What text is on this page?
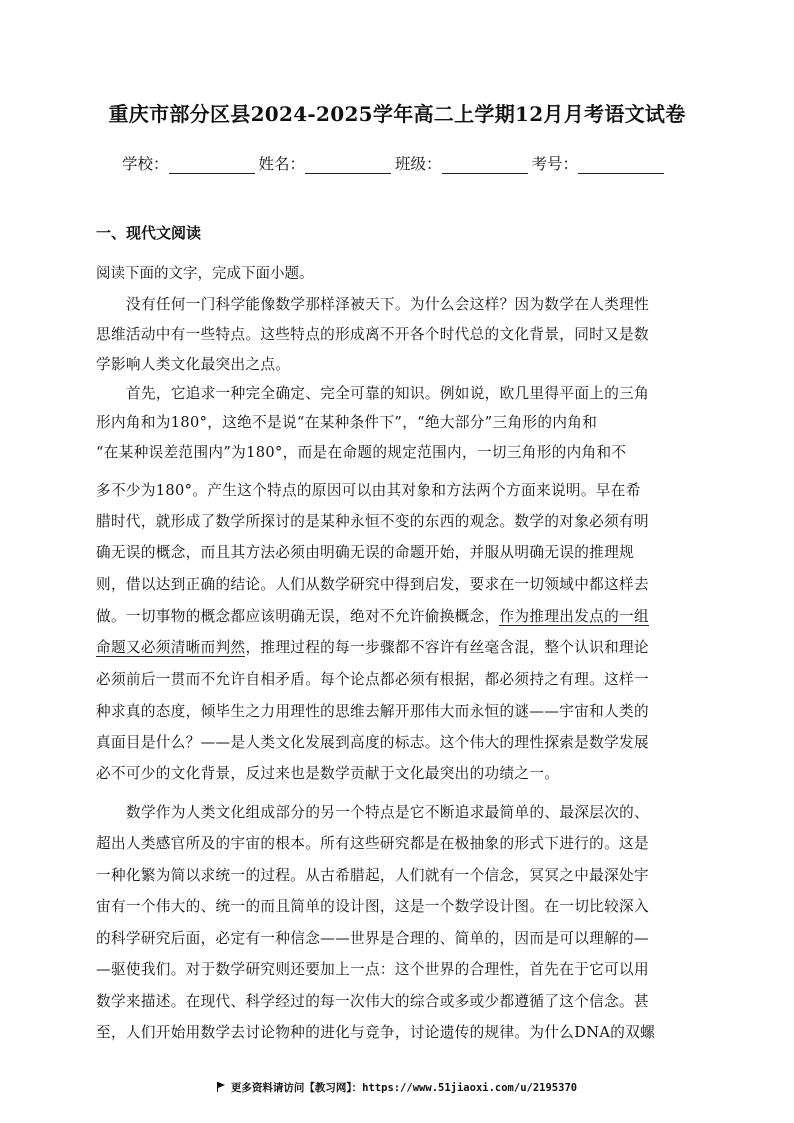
重庆市部分区县2024-2025学年高二上学期12月月考语文试卷
学校：	姓名：	班级：	考号：
一、现代文阅读
阅读下面的文字，完成下面小题。
没有任何一门科学能像数学那样泽被天下。为什么会这样？因为数学在人类理性
思维活动中有一些特点。这些特点的形成离不开各个时代总的文化背景，同时又是数
学影响人类文化最突出之点。
首先，它追求一种完全确定、完全可靠的知识。例如说，欧几里得平面上的三角
形内角和为180°，这绝不是说“在某种条件下”，“绝大部分”三角形的内角和
“在某种误差范围内”为180°，而是在命题的规定范围内，一切三角形的内角和不
多不少为180°。产生这个特点的原因可以由其对象和方法两个方面来说明。早在希
腊时代，就形成了数学所探讨的是某种永恒不变的东西的观念。数学的对象必须有明
确无误的概念，而且其方法必须由明确无误的命题开始，并服从明确无误的推理规
则，借以达到正确的结论。人们从数学研究中得到启发，要求在一切领域中都这样去
做。一切事物的概念都应该明确无误，绝对不允许偷换概念，作为推理出发点的一组
命题又必须清晰而判然，推理过程的每一步骤都不容许有丝毫含混，整个认识和理论
必须前后一贯而不允许自相矛盾。每个论点都必须有根据，都必须持之有理。这样一
种求真的态度，倾毕生之力用理性的思维去解开那伟大而永恒的谜——宇宙和人类的
真面目是什么？——是人类文化发展到高度的标志。这个伟大的理性探索是数学发展
必不可少的文化背景，反过来也是数学贡献于文化最突出的功绩之一。
数学作为人类文化组成部分的另一个特点是它不断追求最简单的、最深层次的、
超出人类感官所及的宇宙的根本。所有这些研究都是在极抽象的形式下进行的。这是
一种化繁为简以求统一的过程。从古希腊起，人们就有一个信念，冥冥之中最深处宇
宙有一个伟大的、统一的而且简单的设计图，这是一个数学设计图。在一切比较深入
的科学研究后面，必定有一种信念——世界是合理的、简单的，因而是可以理解的—
—驱使我们。对于数学研究则还要加上一点：这个世界的合理性，首先在于它可以用
数学来描述。在现代、科学经过的每一次伟大的综合或多或少都遵循了这个信念。甚
至，人们开始用数学去讨论物种的进化与竞争，讨论遗传的规律。为什么DNA的双螺
更多资料请访问【教习网】：https://www.51jiaoxi.com/u/2195370
